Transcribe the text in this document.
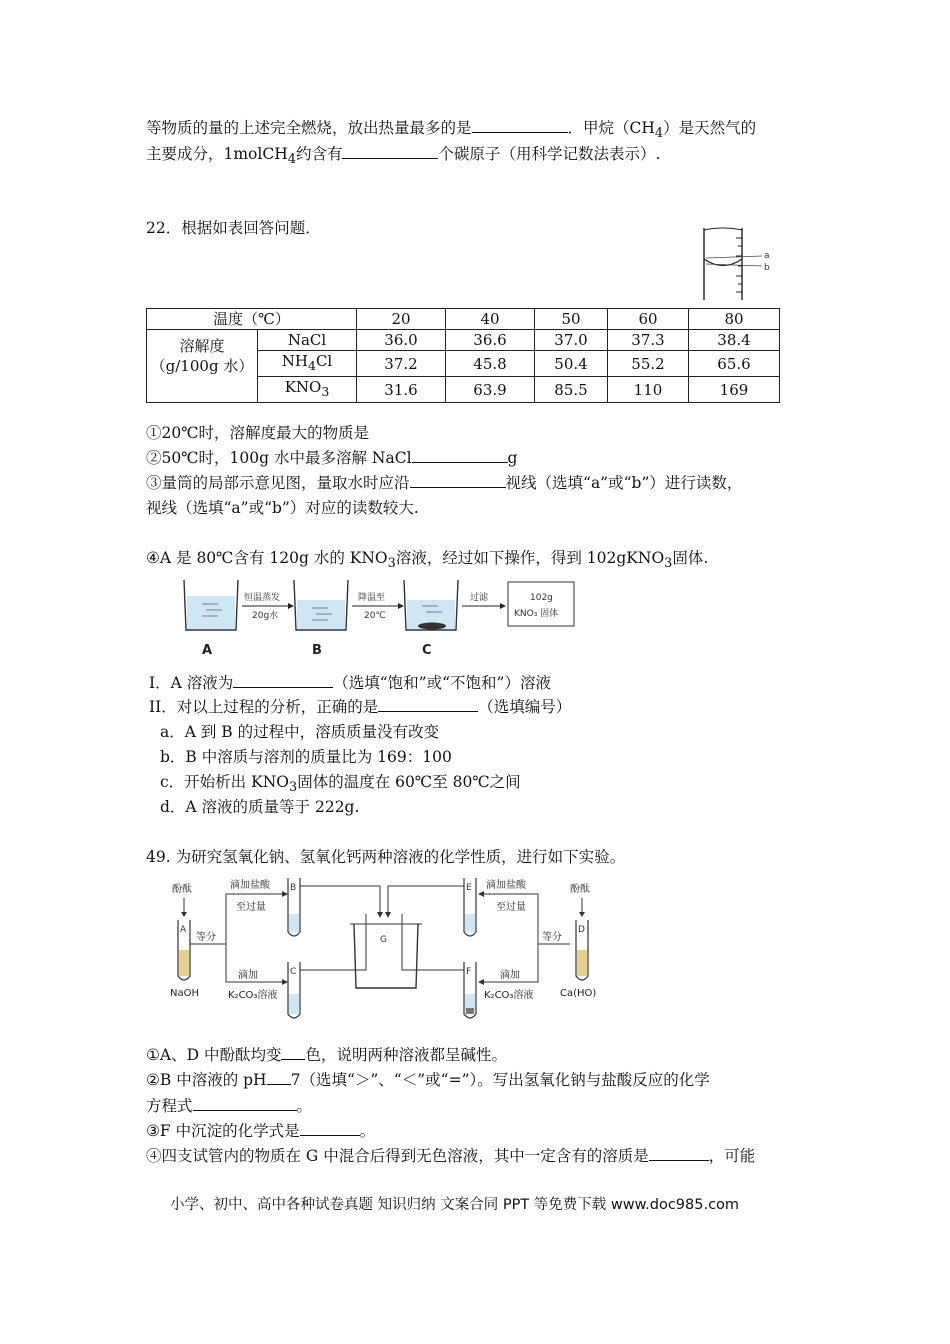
等物质的量的上述完全燃烧，放出热量最多的是	．甲烷$(CH_4)$是天然气的
主要成分，1molCH$_4$约含有	个碳原子（用科学记数法表示）.
22．根据如表回答问题．
a
b
温度（℃）		20	40	50	60	80

溶解度
（g/100g 水）	NaCl	36.0	36.6	37.0	37.3	38.4
	$NH_4Cl$	37.2	45.8	50.4	55.2	65.6
	$KNO_3$	31.6	63.9	85.5	110	169
①20℃时，溶解度最大的物质是
②50℃时，100g 水中最多溶解 NaCl	g
③量筒的局部示意见图，量取水时应沿	视线（选填“a”或“b”）进行读数，
视线（选填“a”或“b”）对应的读数较大.
④A 是 80℃含有 120g 水的 $KNO_3$溶液，经过如下操作，得到 102gKNO$_3$固体.
恒温蒸发
20g水
降温至
20℃
过滤	102g
KNO₃ 固体
A	B	C
I．A 溶液为	（选填“饱和”或“不饱和”）溶液
II．对以上过程的分析，正确的是	（选填编号）
a．A 到 B 的过程中，溶质质量没有改变
b．B 中溶质与溶剂的质量比为 169：100
c．开始析出 $KNO_3$固体的温度在 60℃至 80℃之间
d．A 溶液的质量等于 222g.
49. 为研究氢氧化钠、氢氧化钙两种溶液的化学性质，进行如下实验。
酚酞
A
NaOH
等分
滴加盐酸
至过量
滴加
K₂CO₃溶液
B
C
G
E
F
滴加盐酸
至过量
等分
滴加
K₂CO₃溶液
酚酞
D
Ca(HO)
①A、D 中酚酞均变 色，说明两种溶液都呈碱性。
②B 中溶液的 pH 7（选填“＞”、“＜”或“=”）。写出氢氧化钠与盐酸反应的化学
方程式	。
③F 中沉淀的化学式是	。
④四支试管内的物质在 G 中混合后得到无色溶液，其中一定含有的溶质是	，可能
小学、初中、高中各种试卷真题 知识归纳 文案合同 PPT 等免费下载 www.doc985.com
